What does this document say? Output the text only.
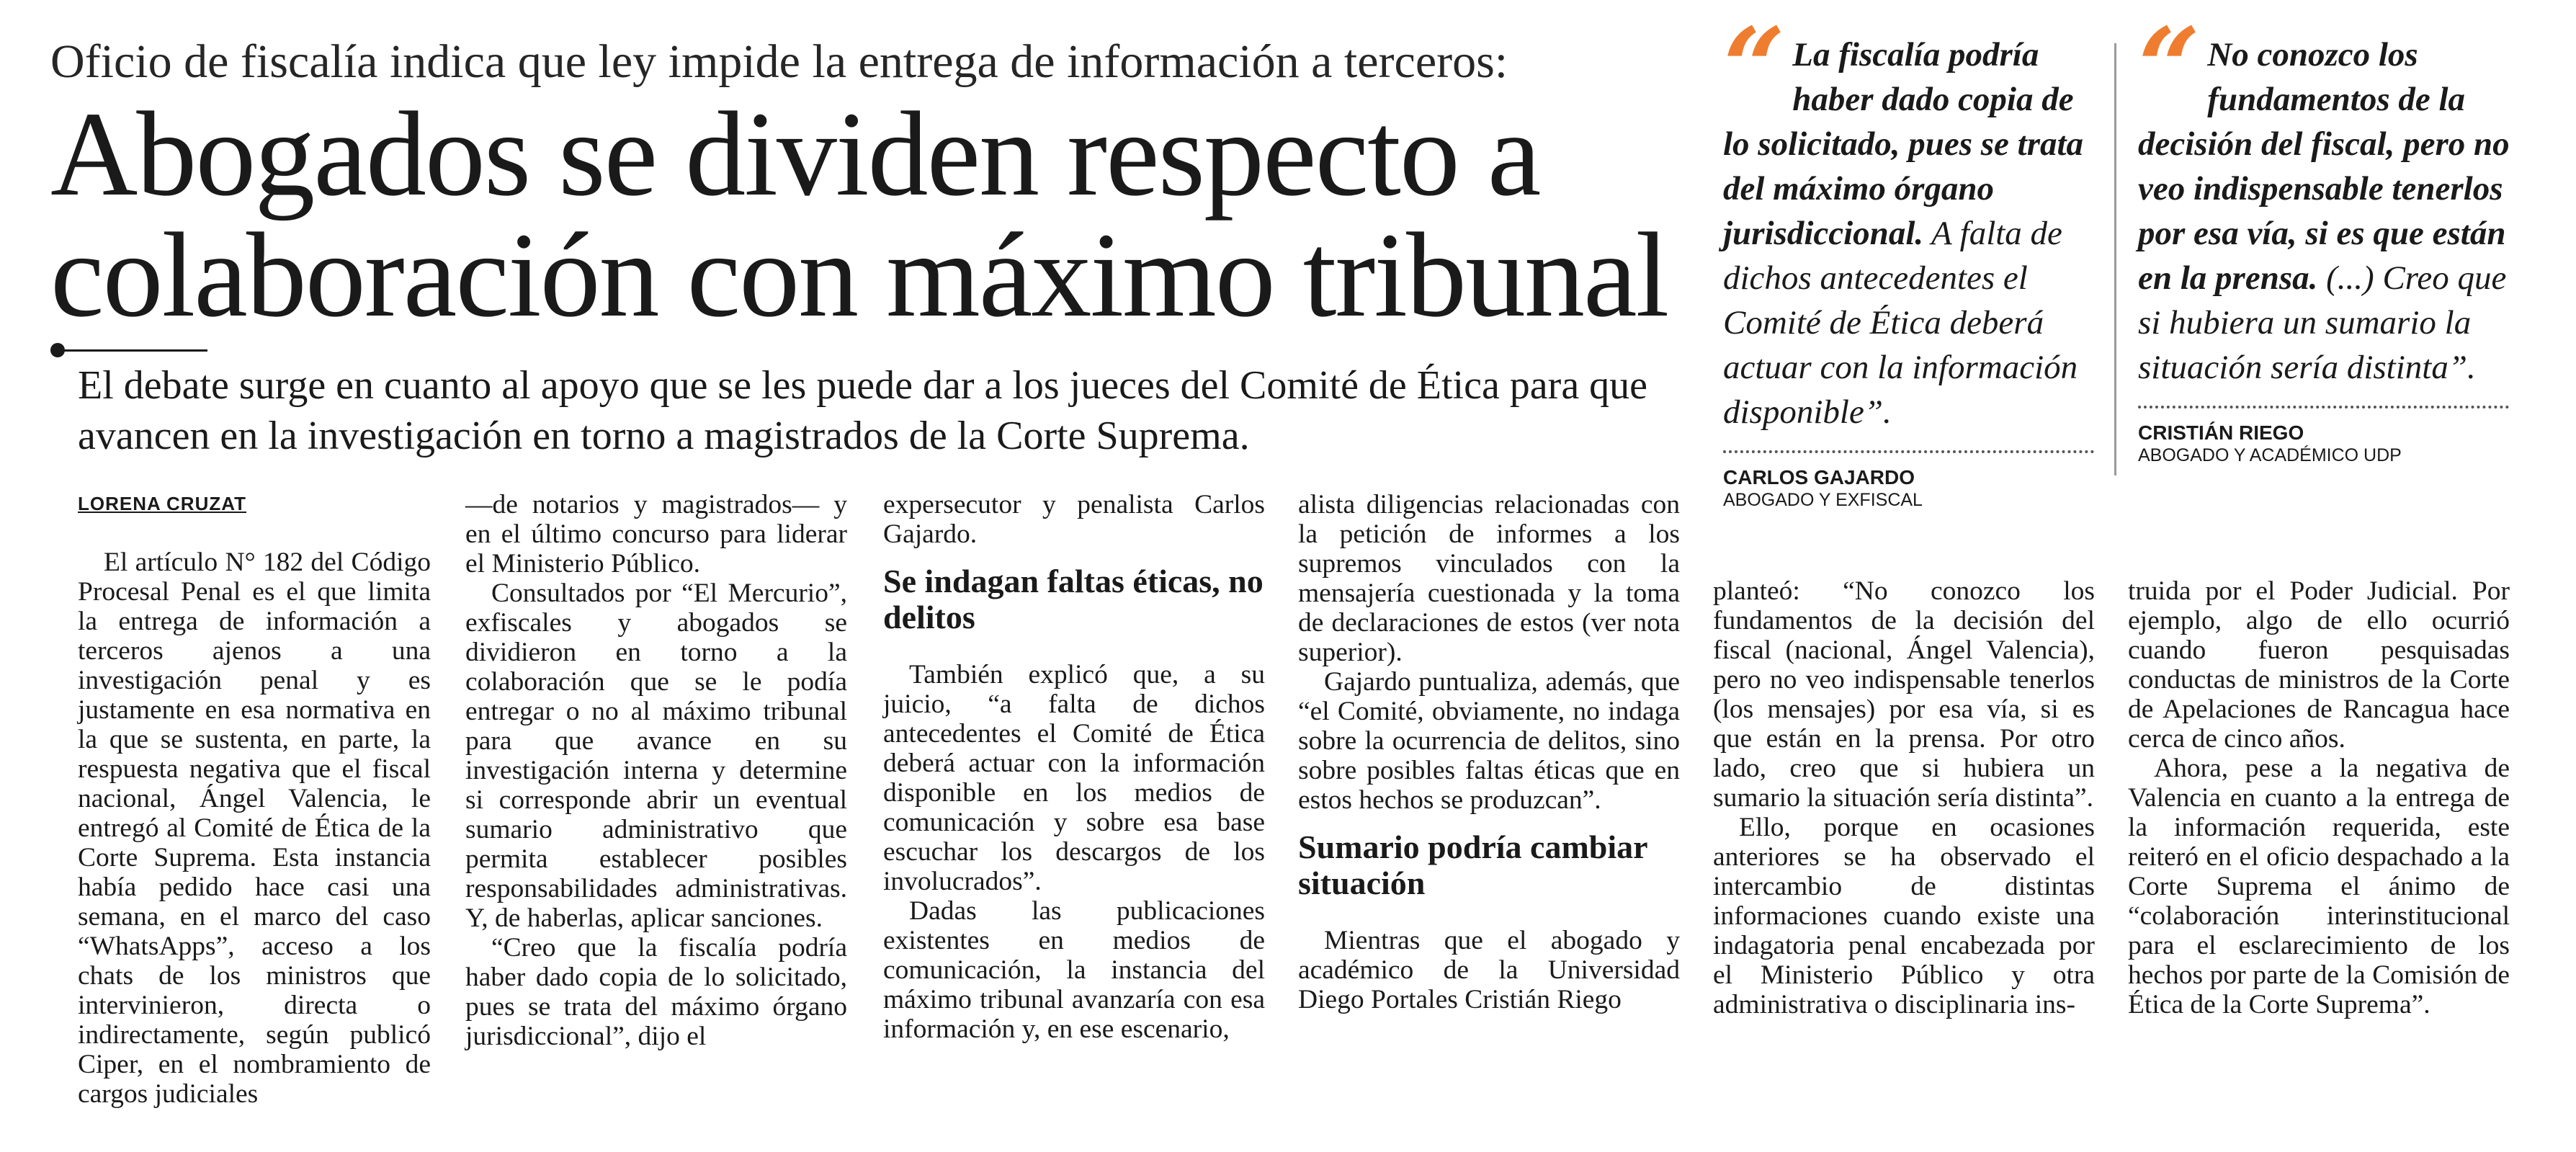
Oficio de fiscalía indica que ley impide la entrega de información a terceros:
Abogados se dividen respecto a colaboración con máximo tribunal
El debate surge en cuanto al apoyo que se les puede dar a los jueces del Comité de Ética para que avancen en la investigación en torno a magistrados de la Corte Suprema.
LORENA CRUZAT

El artículo N° 182 del Código Procesal Penal es el que limita la entrega de información a terceros ajenos a una investigación penal y es justamente en esa normativa en la que se sustenta, en parte, la respuesta negativa que el fiscal nacional, Ángel Valencia, le entregó al Comité de Ética de la Corte Suprema. Esta instancia había pedido hace casi una semana, en el marco del caso “WhatsApps”, acceso a los chats de los ministros que intervinieron, directa o indirectamente, según publicó Ciper, en el nombramiento de cargos judiciales

—de notarios y magistrados— y en el último concurso para liderar el Ministerio Público.

Consultados por “El Mercurio”, exfiscales y abogados se dividieron en torno a la colaboración que se le podía entregar o no al máximo tribunal para que avance en su investigación interna y determine si corresponde abrir un eventual sumario administrativo que permita establecer posibles responsabilidades administrativas. Y, de haberlas, aplicar sanciones.

“Creo que la fiscalía podría haber dado copia de lo solicitado, pues se trata del máximo órgano jurisdiccional”, dijo el

expersecutor y penalista Carlos Gajardo.

Se indagan faltas éticas, no delitos

También explicó que, a su juicio, “a falta de dichos antecedentes el Comité de Ética deberá actuar con la información disponible en los medios de comunicación y sobre esa base escuchar los descargos de los involucrados”.

Dadas las publicaciones existentes en medios de comunicación, la instancia del máximo tribunal avanzaría con esa información y, en ese escenario,

alista diligencias relacionadas con la petición de informes a los supremos vinculados con la mensajería cuestionada y la toma de declaraciones de estos (ver nota superior).

Gajardo puntualiza, además, que “el Comité, obviamente, no indaga sobre la ocurrencia de delitos, sino sobre posibles faltas éticas que en estos hechos se produzcan”.

Sumario podría cambiar situación

Mientras que el abogado y académico de la Universidad Diego Portales Cristián Riego

planteó: “No conozco los fundamentos de la decisión del fiscal (nacional, Ángel Valencia), pero no veo indispensable tenerlos (los mensajes) por esa vía, si es que están en la prensa. Por otro lado, creo que si hubiera un sumario la situación sería distinta”.

Ello, porque en ocasiones anteriores se ha observado el intercambio de distintas informaciones cuando existe una indagatoria penal encabezada por el Ministerio Público y otra administrativa o disciplinaria ins-

truida por el Poder Judicial. Por ejemplo, algo de ello ocurrió cuando fueron pesquisadas conductas de ministros de la Corte de Apelaciones de Rancagua hace cerca de cinco años.

Ahora, pese a la negativa de Valencia en cuanto a la entrega de la información requerida, este reiteró en el oficio despachado a la Corte Suprema el ánimo de “colaboración interinstitucional para el esclarecimiento de los hechos por parte de la Comisión de Ética de la Corte Suprema”.

“ La fiscalía podría haber dado copia de lo solicitado, pues se trata del máximo órgano jurisdiccional. A falta de dichos antecedentes el Comité de Ética deberá actuar con la información disponible”.
CARLOS GAJARDO
ABOGADO Y EXFISCAL
“ No conozco los fundamentos de la decisión del fiscal, pero no veo indispensable tenerlos por esa vía, si es que están en la prensa. (...) Creo que si hubiera un sumario la situación sería distinta”.
CRISTIÁN RIEGO
ABOGADO Y ACADÉMICO UDP
